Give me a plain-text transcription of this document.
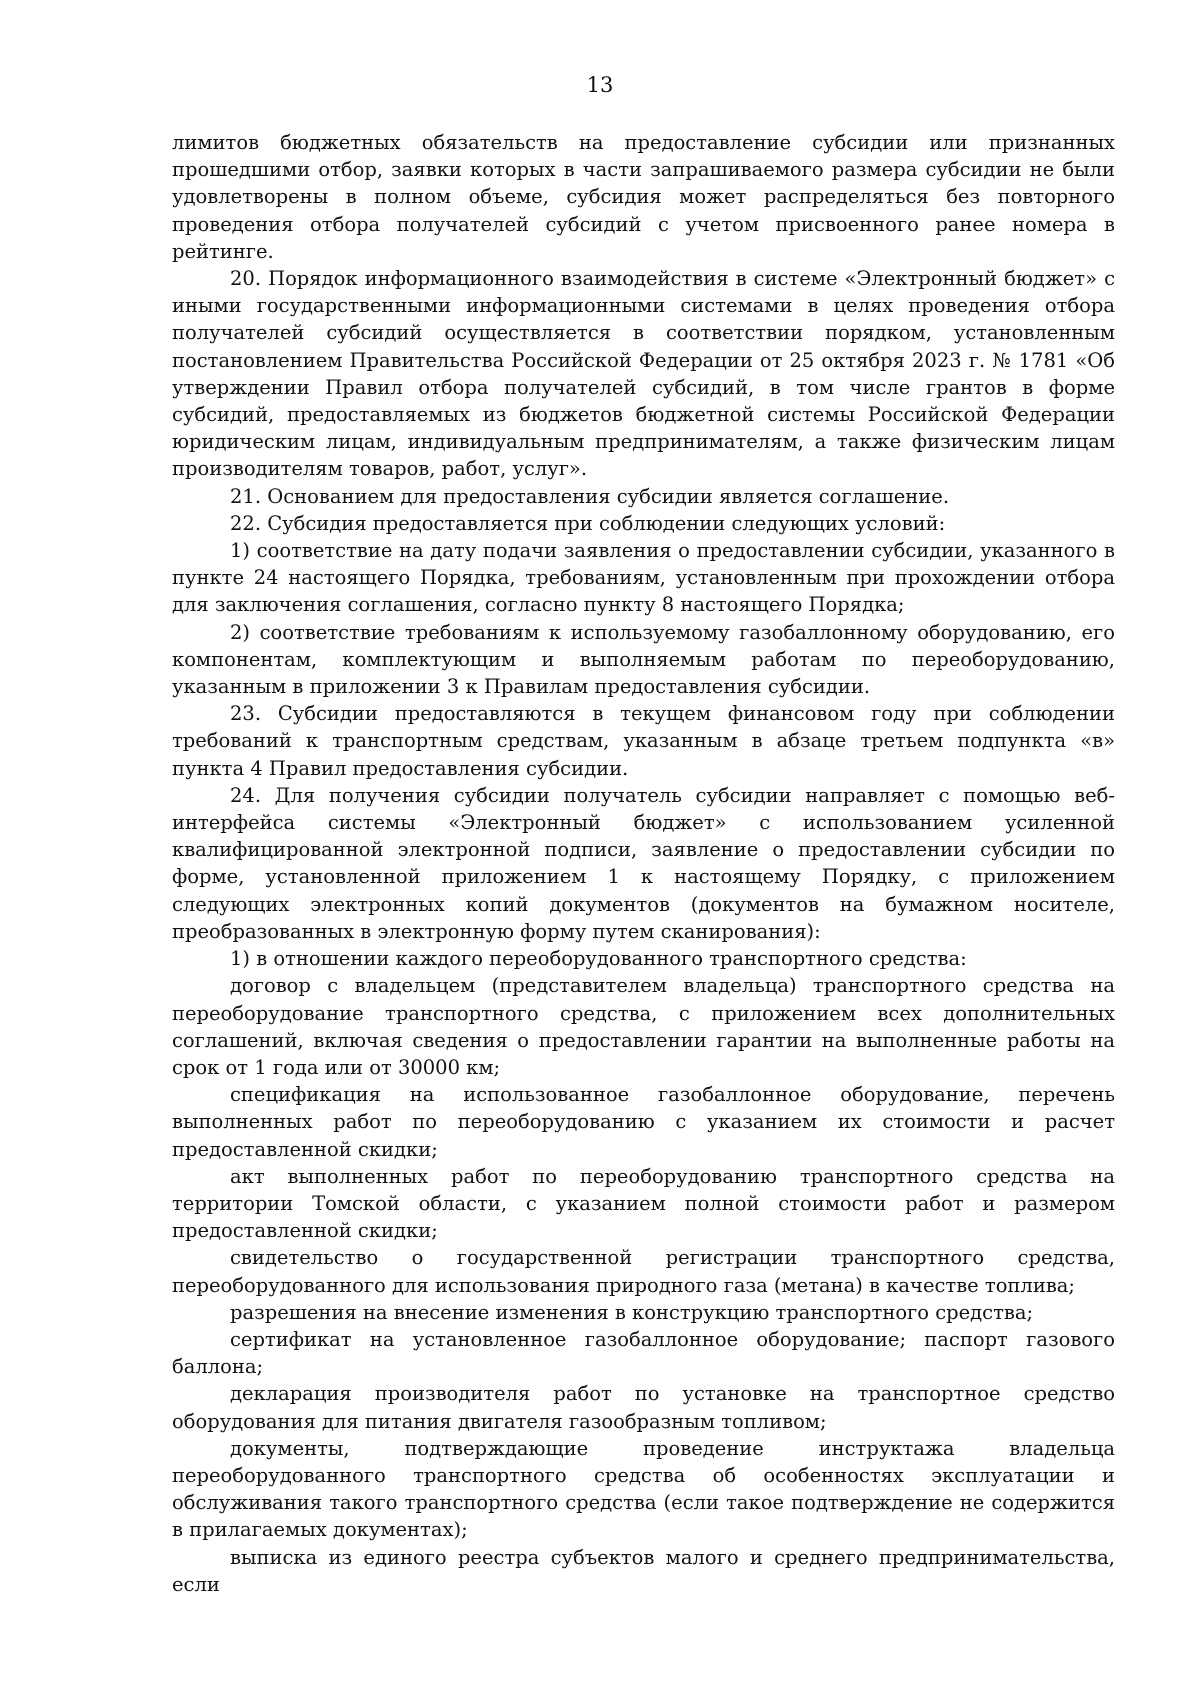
13

лимитов бюджетных обязательств на предоставление субсидии или признанных прошедшими отбор, заявки которых в части запрашиваемого размера субсидии не были удовлетворены в полном объеме, субсидия может распределяться без повторного проведения отбора получателей субсидий с учетом присвоенного ранее номера в рейтинге.

20. Порядок информационного взаимодействия в системе «Электронный бюджет» с иными государственными информационными системами в целях проведения отбора получателей субсидий осуществляется в соответствии порядком, установленным постановлением Правительства Российской Федерации от 25 октября 2023 г. № 1781 «Об утверждении Правил отбора получателей субсидий, в том числе грантов в форме субсидий, предоставляемых из бюджетов бюджетной системы Российской Федерации юридическим лицам, индивидуальным предпринимателям, а также физическим лицам производителям товаров, работ, услуг».

21. Основанием для предоставления субсидии является соглашение.

22. Субсидия предоставляется при соблюдении следующих условий:

1) соответствие на дату подачи заявления о предоставлении субсидии, указанного в пункте 24 настоящего Порядка, требованиям, установленным при прохождении отбора для заключения соглашения, согласно пункту 8 настоящего Порядка;

2) соответствие требованиям к используемому газобаллонному оборудованию, его компонентам, комплектующим и выполняемым работам по переоборудованию, указанным в приложении 3 к Правилам предоставления субсидии.

23. Субсидии предоставляются в текущем финансовом году при соблюдении требований к транспортным средствам, указанным в абзаце третьем подпункта «в» пункта 4 Правил предоставления субсидии.

24. Для получения субсидии получатель субсидии направляет с помощью веб-интерфейса системы «Электронный бюджет» с использованием усиленной квалифицированной электронной подписи, заявление о предоставлении субсидии по форме, установленной приложением 1 к настоящему Порядку, с приложением следующих электронных копий документов (документов на бумажном носителе, преобразованных в электронную форму путем сканирования):

1) в отношении каждого переоборудованного транспортного средства:

договор с владельцем (представителем владельца) транспортного средства на переоборудование транспортного средства, с приложением всех дополнительных соглашений, включая сведения о предоставлении гарантии на выполненные работы на срок от 1 года или от 30000 км;

спецификация на использованное газобаллонное оборудование, перечень выполненных работ по переоборудованию с указанием их стоимости и расчет предоставленной скидки;

акт выполненных работ по переоборудованию транспортного средства на территории Томской области, с указанием полной стоимости работ и размером предоставленной скидки;

свидетельство о государственной регистрации транспортного средства, переоборудованного для использования природного газа (метана) в качестве топлива;

разрешения на внесение изменения в конструкцию транспортного средства;

сертификат на установленное газобаллонное оборудование; паспорт газового баллона;

декларация производителя работ по установке на транспортное средство оборудования для питания двигателя газообразным топливом;

документы, подтверждающие проведение инструктажа владельца переоборудованного транспортного средства об особенностях эксплуатации и обслуживания такого транспортного средства (если такое подтверждение не содержится в прилагаемых документах);

выписка из единого реестра субъектов малого и среднего предпринимательства, если
